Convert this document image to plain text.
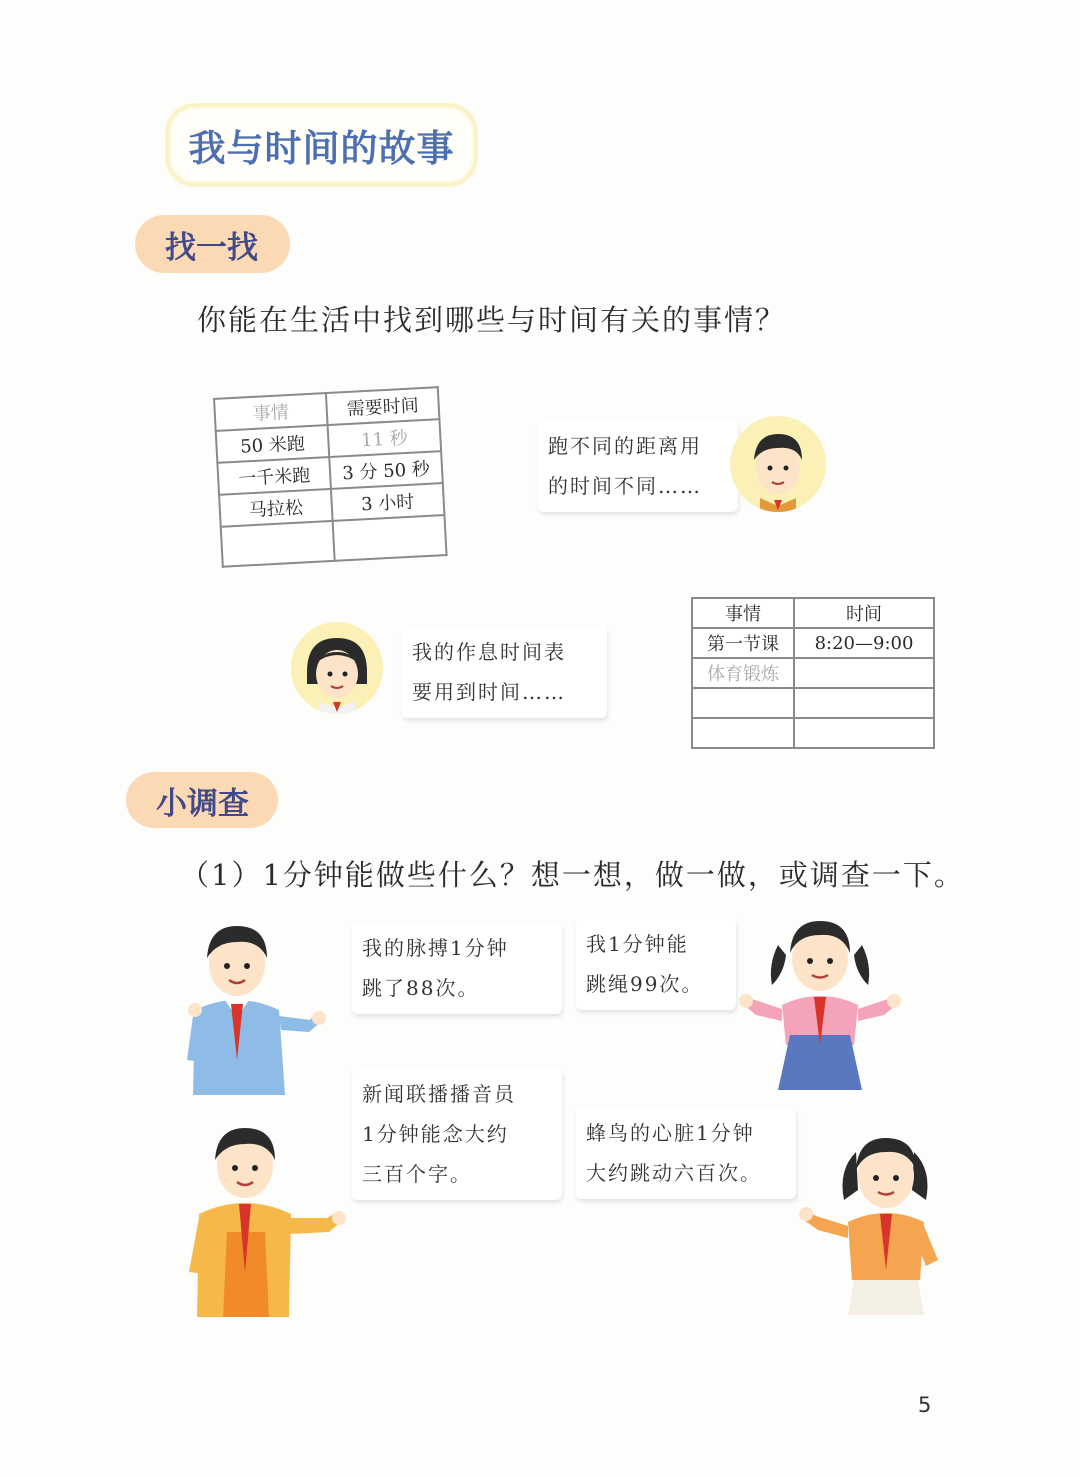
我与时间的故事
找一找
你能在生活中找到哪些与时间有关的事情？
事情	需要时间
50 米跑	11 秒
一千米跑	3 分 50 秒
马拉松	3 小时

跑不同的距离用
的时间不同……
事情	时间
第一节课	8:20—9:00
体育锻炼	

我的作息时间表
要用到时间……
小调查
（1）1分钟能做些什么？想一想，做一做，或调查一下。
我的脉搏1分钟
跳了88次。
我1分钟能
跳绳99次。
新闻联播播音员
1分钟能念大约
三百个字。
蜂鸟的心脏1分钟
大约跳动六百次。
5
